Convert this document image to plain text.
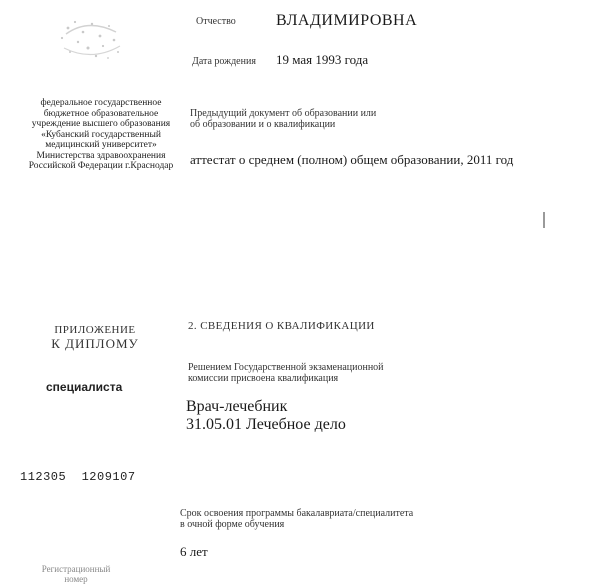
федеральное государственное бюджетное образовательное учреждение высшего образования «Кубанский государственный медицинский университет» Министерства здравоохранения Российской Федерации г.Краснодар
ПРИЛОЖЕНИЕ
К ДИПЛОМУ
специалиста
112305  1209107
Регистрационный
номер
Отчество	ВЛАДИМИРОВНА
Дата рождения 19 мая 1993 года
Предыдущий документ об образовании или
об образовании и о квалификации
аттестат о среднем (полном) общем образовании, 2011 год
2. СВЕДЕНИЯ О КВАЛИФИКАЦИИ
Решением Государственной экзаменационной
комиссии присвоена квалификация
Врач-лечебник
31.05.01 Лечебное дело
Срок освоения программы бакалавриата/специалитета
в очной форме обучения
6 лет
